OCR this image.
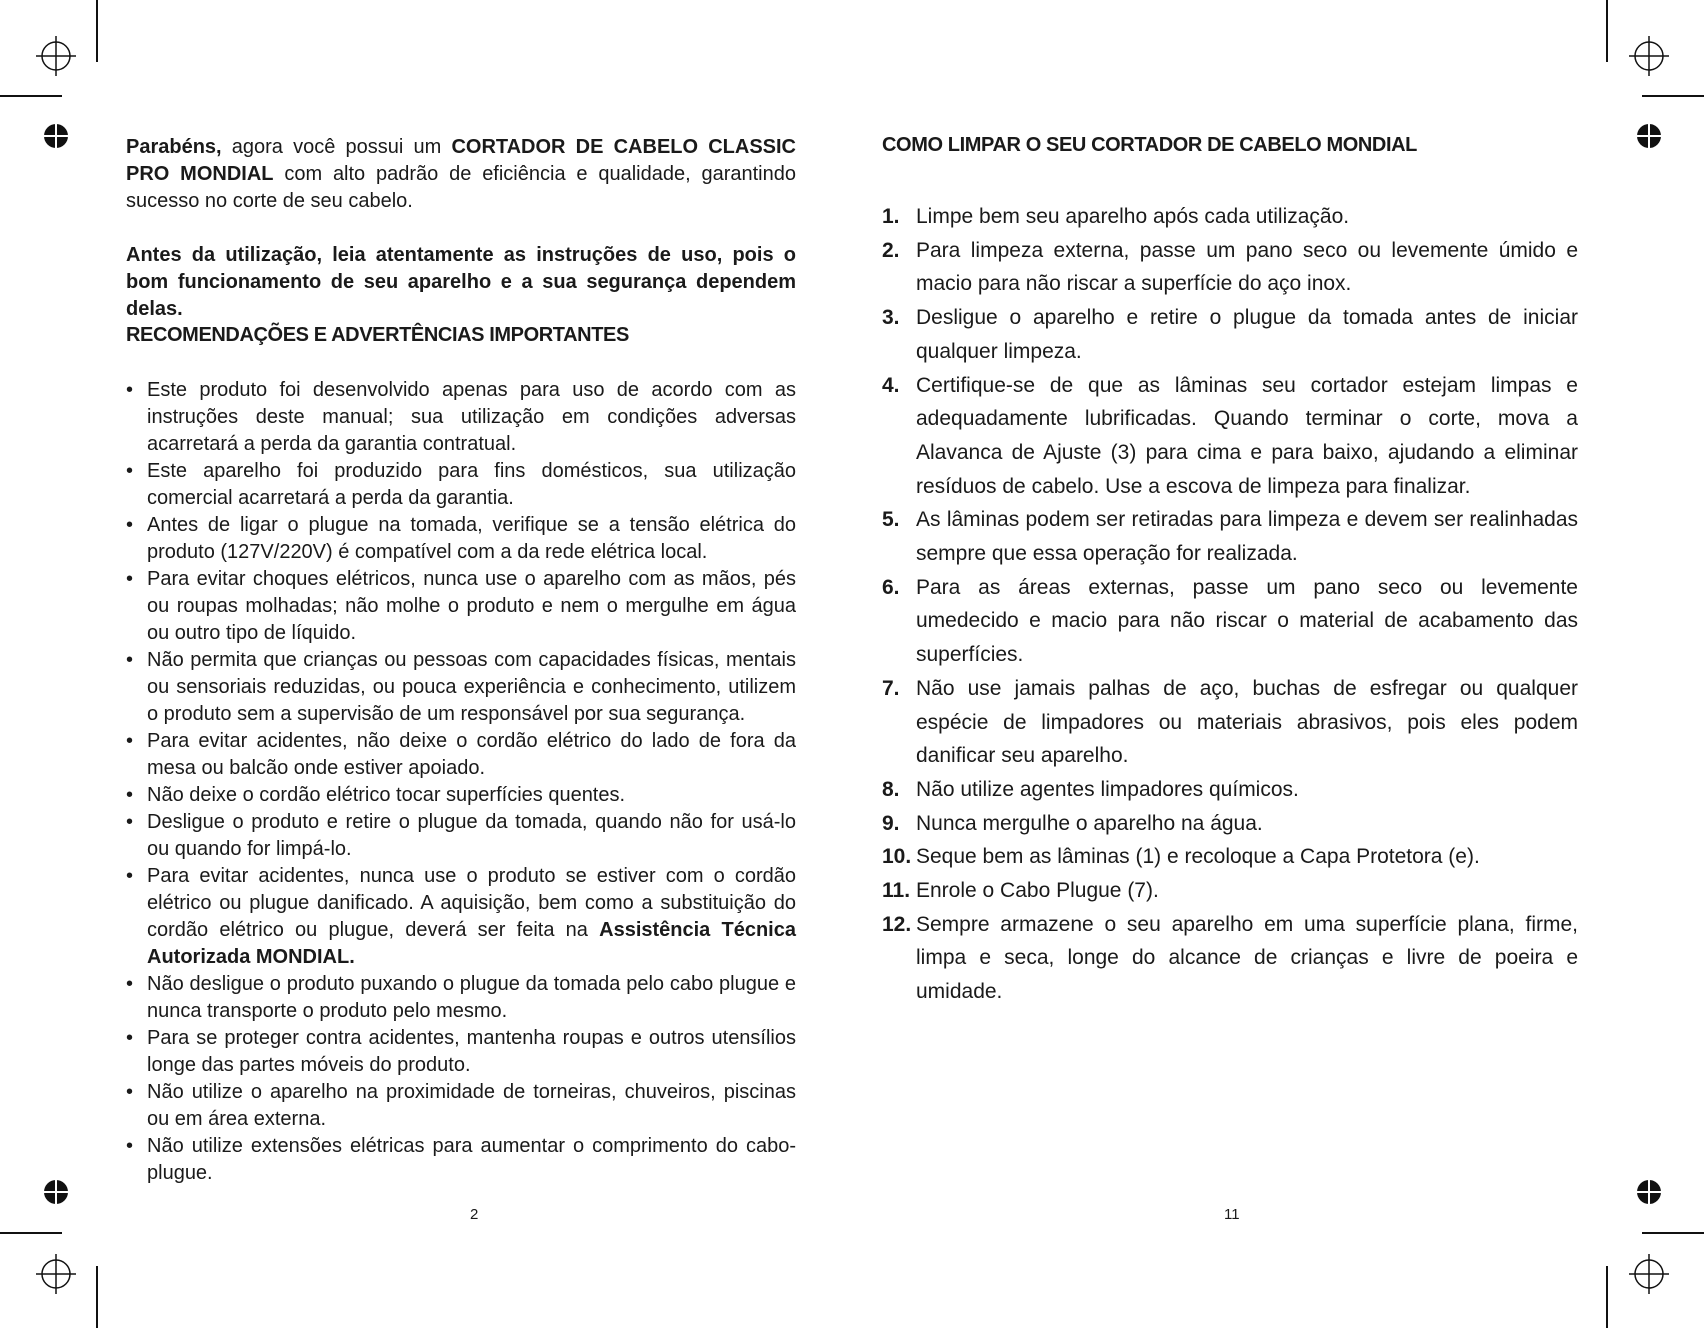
Parabéns, agora você possui um CORTADOR DE CABELO CLASSIC PRO MONDIAL com alto padrão de eficiência e qualidade, garantindo sucesso no corte de seu cabelo.

Antes da utilização, leia atentamente as instruções de uso, pois o bom funcionamento de seu aparelho e a sua segurança dependem delas.

RECOMENDAÇÕES E ADVERTÊNCIAS IMPORTANTES
• Este produto foi desenvolvido apenas para uso de acordo com as instruções deste manual; sua utilização em condições adversas acarretará a perda da garantia contratual.
• Este aparelho foi produzido para fins domésticos, sua utilização comercial acarretará a perda da garantia.
• Antes de ligar o plugue na tomada, verifique se a tensão elétrica do produto (127V/220V) é compatível com a da rede elétrica local.
• Para evitar choques elétricos, nunca use o aparelho com as mãos, pés ou roupas molhadas; não molhe o produto e nem o mergulhe em água ou outro tipo de líquido.
• Não permita que crianças ou pessoas com capacidades físicas, mentais ou sensoriais reduzidas, ou pouca experiência e conhecimento, utilizem o produto sem a supervisão de um responsável por sua segurança.
• Para evitar acidentes, não deixe o cordão elétrico do lado de fora da mesa ou balcão onde estiver apoiado.
• Não deixe o cordão elétrico tocar superfícies quentes.
• Desligue o produto e retire o plugue da tomada, quando não for usá-lo ou quando for limpá-lo.
• Para evitar acidentes, nunca use o produto se estiver com o cordão elétrico ou plugue danificado. A aquisição, bem como a substituição do cordão elétrico ou plugue, deverá ser feita na Assistência Técnica Autorizada MONDIAL.
• Não desligue o produto puxando o plugue da tomada pelo cabo plugue e nunca transporte o produto pelo mesmo.
• Para se proteger contra acidentes, mantenha roupas e outros utensílios longe das partes móveis do produto.
• Não utilize o aparelho na proximidade de torneiras, chuveiros, piscinas ou em área externa.
• Não utilize extensões elétricas para aumentar o comprimento do cabo-plugue.
2
COMO LIMPAR O SEU CORTADOR DE CABELO MONDIAL
1. Limpe bem seu aparelho após cada utilização.
2. Para limpeza externa, passe um pano seco ou levemente úmido e macio para não riscar a superfície do aço inox.
3. Desligue o aparelho e retire o plugue da tomada antes de iniciar qualquer limpeza.
4. Certifique-se de que as lâminas seu cortador estejam limpas e adequadamente lubrificadas. Quando terminar o corte, mova a Alavanca de Ajuste (3) para cima e para baixo, ajudando a eliminar resíduos de cabelo. Use a escova de limpeza para finalizar.
5. As lâminas podem ser retiradas para limpeza e devem ser realinhadas sempre que essa operação for realizada.
6. Para as áreas externas, passe um pano seco ou levemente umedecido e macio para não riscar o material de acabamento das superfícies.
7. Não use jamais palhas de aço, buchas de esfregar ou qualquer espécie de limpadores ou materiais abrasivos, pois eles podem danificar seu aparelho.
8. Não utilize agentes limpadores químicos.
9. Nunca mergulhe o aparelho na água.
10. Seque bem as lâminas (1) e recoloque a Capa Protetora (e).
11. Enrole o Cabo Plugue (7).
12. Sempre armazene o seu aparelho em uma superfície plana, firme, limpa e seca, longe do alcance de crianças e livre de poeira e umidade.
11
